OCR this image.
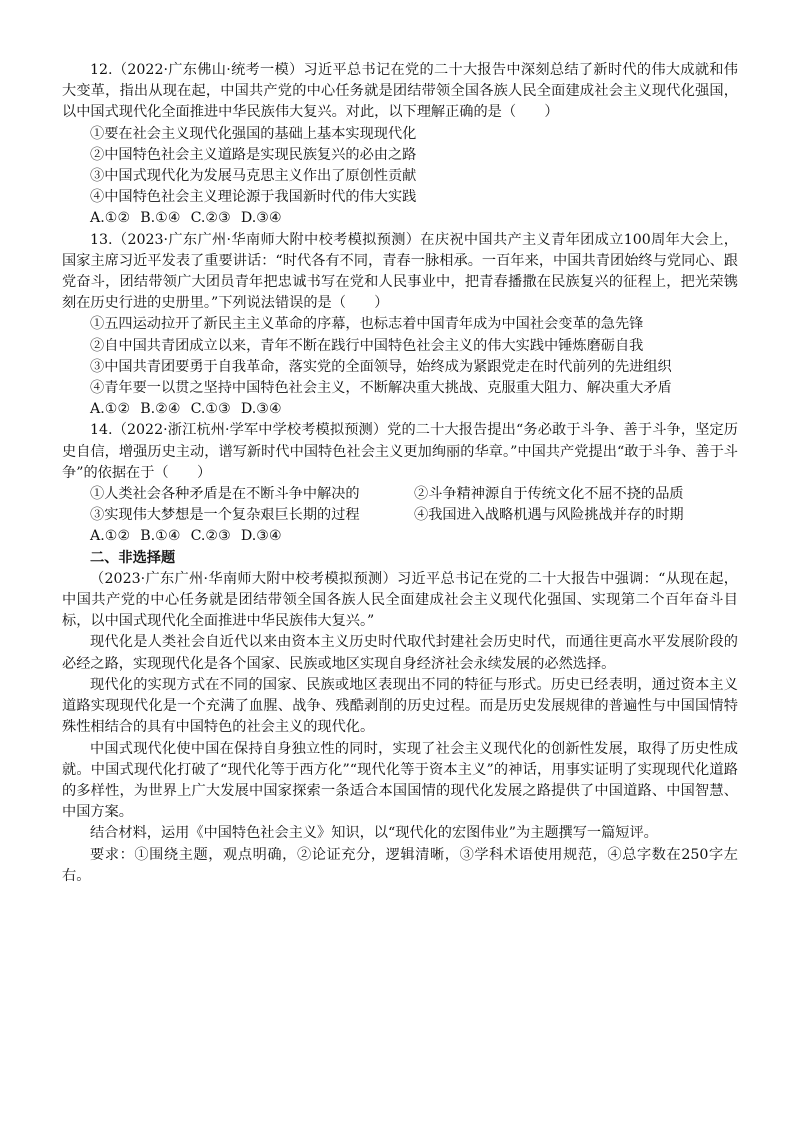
12.（2022·广东佛山·统考一模）习近平总书记在党的二十大报告中深刻总结了新时代的伟大成就和伟大变革，指出从现在起，中国共产党的中心任务就是团结带领全国各族人民全面建成社会主义现代化强国，以中国式现代化全面推进中华民族伟大复兴。对此，以下理解正确的是（　　）

①要在社会主义现代化强国的基础上基本实现现代化

②中国特色社会主义道路是实现民族复兴的必由之路

③中国式现代化为发展马克思主义作出了原创性贡献

④中国特色社会主义理论源于我国新时代的伟大实践

A.①② B.①④ C.②③ D.③④

13.（2023·广东广州·华南师大附中校考模拟预测）在庆祝中国共产主义青年团成立100周年大会上，国家主席习近平发表了重要讲话：“时代各有不同，青春一脉相承。一百年来，中国共青团始终与党同心、跟党奋斗，团结带领广大团员青年把忠诚书写在党和人民事业中，把青春播撒在民族复兴的征程上，把光荣镌刻在历史行进的史册里。”下列说法错误的是（　　）

①五四运动拉开了新民主主义革命的序幕，也标志着中国青年成为中国社会变革的急先锋

②自中国共青团成立以来，青年不断在践行中国特色社会主义的伟大实践中锤炼磨砺自我

③中国共青团要勇于自我革命，落实党的全面领导，始终成为紧跟党走在时代前列的先进组织

④青年要一以贯之坚持中国特色社会主义，不断解决重大挑战、克服重大阻力、解决重大矛盾

A.①② B.②④ C.①③ D.③④

14.（2022·浙江杭州·学军中学校考模拟预测）党的二十大报告提出“务必敢于斗争、善于斗争，坚定历史自信，增强历史主动，谱写新时代中国特色社会主义更加绚丽的华章。”中国共产党提出“敢于斗争、善于斗争”的依据在于（　　）

①人类社会各种矛盾是在不断斗争中解决的	②斗争精神源自于传统文化不屈不挠的品质
③实现伟大梦想是一个复杂艰巨长期的过程	④我国进入战略机遇与风险挑战并存的时期

A.①② B.①④ C.②③ D.③④

二、非选择题

（2023·广东广州·华南师大附中校考模拟预测）习近平总书记在党的二十大报告中强调：“从现在起，中国共产党的中心任务就是团结带领全国各族人民全面建成社会主义现代化强国、实现第二个百年奋斗目标，以中国式现代化全面推进中华民族伟大复兴。”

现代化是人类社会自近代以来由资本主义历史时代取代封建社会历史时代，而通往更高水平发展阶段的必经之路，实现现代化是各个国家、民族或地区实现自身经济社会永续发展的必然选择。

现代化的实现方式在不同的国家、民族或地区表现出不同的特征与形式。历史已经表明，通过资本主义道路实现现代化是一个充满了血腥、战争、残酷剥削的历史过程。而是历史发展规律的普遍性与中国国情特殊性相结合的具有中国特色的社会主义的现代化。

中国式现代化使中国在保持自身独立性的同时，实现了社会主义现代化的创新性发展，取得了历史性成就。中国式现代化打破了“现代化等于西方化”“现代化等于资本主义”的神话，用事实证明了实现现代化道路的多样性，为世界上广大发展中国家探索一条适合本国国情的现代化发展之路提供了中国道路、中国智慧、中国方案。

结合材料，运用《中国特色社会主义》知识，以“现代化的宏图伟业”为主题撰写一篇短评。

要求：①围绕主题，观点明确，②论证充分，逻辑清晰，③学科术语使用规范，④总字数在250字左右。
